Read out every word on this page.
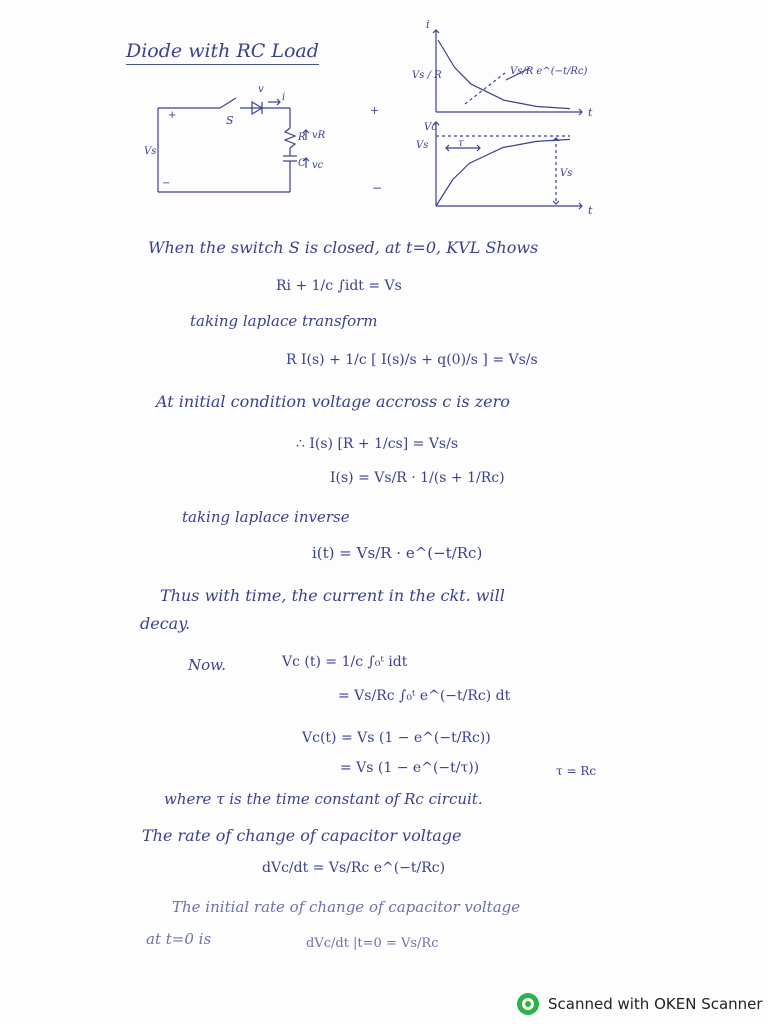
Diode with RC Load
S
v
i
+
Vs
−
+
−
R vR
C vc
i
Vs / R	Vs/R e^(−t/Rc)
t
Vc
Vs	τ
Vs
t
When the switch S is closed, at t=0, KVL Shows
Ri + 1/c ∫idt = Vs
taking laplace transform
R I(s) + 1/c [ I(s)/s + q(0)/s ] = Vs/s
At initial condition voltage accross c is zero
∴ I(s) [R + 1/cs] = Vs/s
I(s) = Vs/R · 1/(s + 1/Rc)
taking laplace inverse
i(t) = Vs/R · e^(−t/Rc)
Thus with time, the current in the ckt. will
decay.
Now.	Vc (t) = 1/c ∫₀ᵗ idt
= Vs/Rc ∫₀ᵗ e^(−t/Rc) dt
Vc(t) = Vs (1 − e^(−t/Rc))
= Vs (1 − e^(−t/τ))	τ = Rc
where τ is the time constant of Rc circuit.
The rate of change of capacitor voltage
dVc/dt = Vs/Rc e^(−t/Rc)
The initial rate of change of capacitor voltage
at t=0 is	dVc/dt |t=0 = Vs/Rc
Scanned with OKEN Scanner
